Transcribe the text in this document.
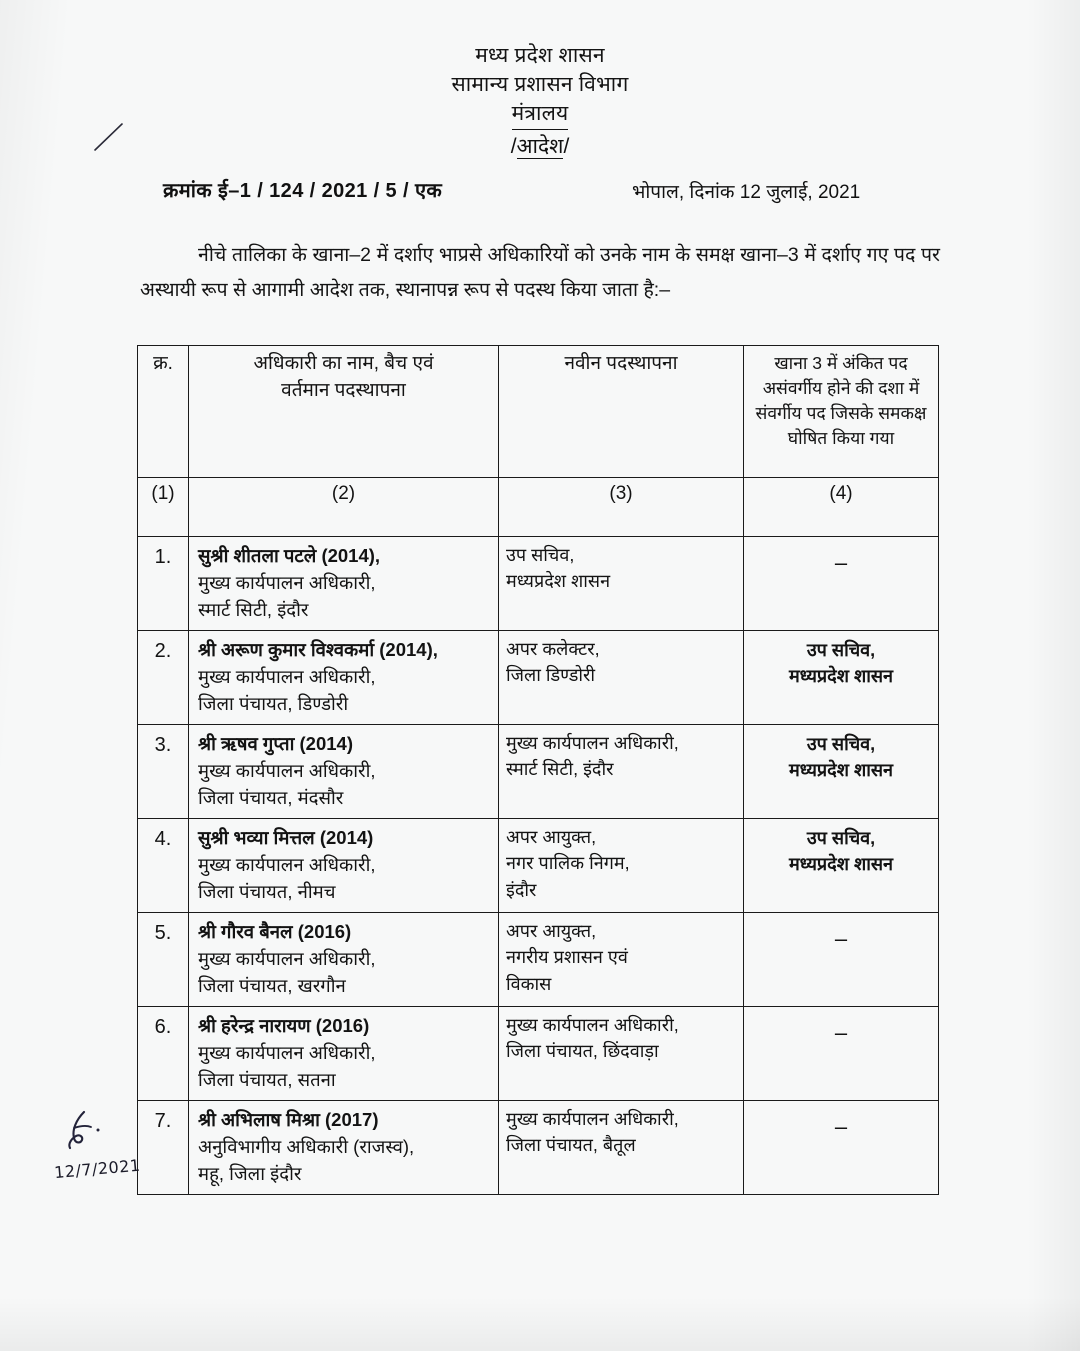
मध्य प्रदेश शासन
सामान्य प्रशासन विभाग
मंत्रालय
/आदेश/
क्रमांक ई–1 / 124 / 2021 / 5 / एक	भोपाल, दिनांक 12 जुलाई, 2021
नीचे तालिका के खाना–2 में दर्शाए भाप्रसे अधिकारियों को उनके नाम के समक्ष खाना–3 में दर्शाए गए पद पर अस्थायी रूप से आगामी आदेश तक, स्थानापन्न रूप से पदस्थ किया जाता है:–
क्र.	अधिकारी का नाम, बैच एवं
वर्तमान पदस्थापना	नवीन पदस्थापना	खाना 3 में अंकित पद असंवर्गीय होने की दशा में संवर्गीय पद जिसके समकक्ष घोषित किया गया
(1)	(2)	(3)	(4)
1.	सुश्री शीतला पटले (2014),
मुख्य कार्यपालन अधिकारी,
स्मार्ट सिटी, इंदौर	उप सचिव,
मध्यप्रदेश शासन	–

2.	श्री अरूण कुमार विश्वकर्मा (2014),
मुख्य कार्यपालन अधिकारी,
जिला पंचायत, डिण्डोरी	अपर कलेक्टर,
जिला डिण्डोरी	उप सचिव,
मध्यप्रदेश शासन

3.	श्री ऋषव गुप्ता (2014)
मुख्य कार्यपालन अधिकारी,
जिला पंचायत, मंदसौर	मुख्य कार्यपालन अधिकारी,
स्मार्ट सिटी, इंदौर	उप सचिव,
मध्यप्रदेश शासन

4.	सुश्री भव्या मित्तल (2014)
मुख्य कार्यपालन अधिकारी,
जिला पंचायत, नीमच	अपर आयुक्त,
नगर पालिक निगम,
इंदौर	उप सचिव,
मध्यप्रदेश शासन

5.	श्री गौरव बैनल (2016)
मुख्य कार्यपालन अधिकारी,
जिला पंचायत, खरगौन	अपर आयुक्त,
नगरीय प्रशासन एवं
विकास	–

6.	श्री हरेन्द्र नारायण (2016)
मुख्य कार्यपालन अधिकारी,
जिला पंचायत, सतना	मुख्य कार्यपालन अधिकारी,
जिला पंचायत, छिंदवाड़ा	–

7.	श्री अभिलाष मिश्रा (2017)
अनुविभागीय अधिकारी (राजस्व),
महू, जिला इंदौर	मुख्य कार्यपालन अधिकारी,
जिला पंचायत, बैतूल	–
12/7/2021
